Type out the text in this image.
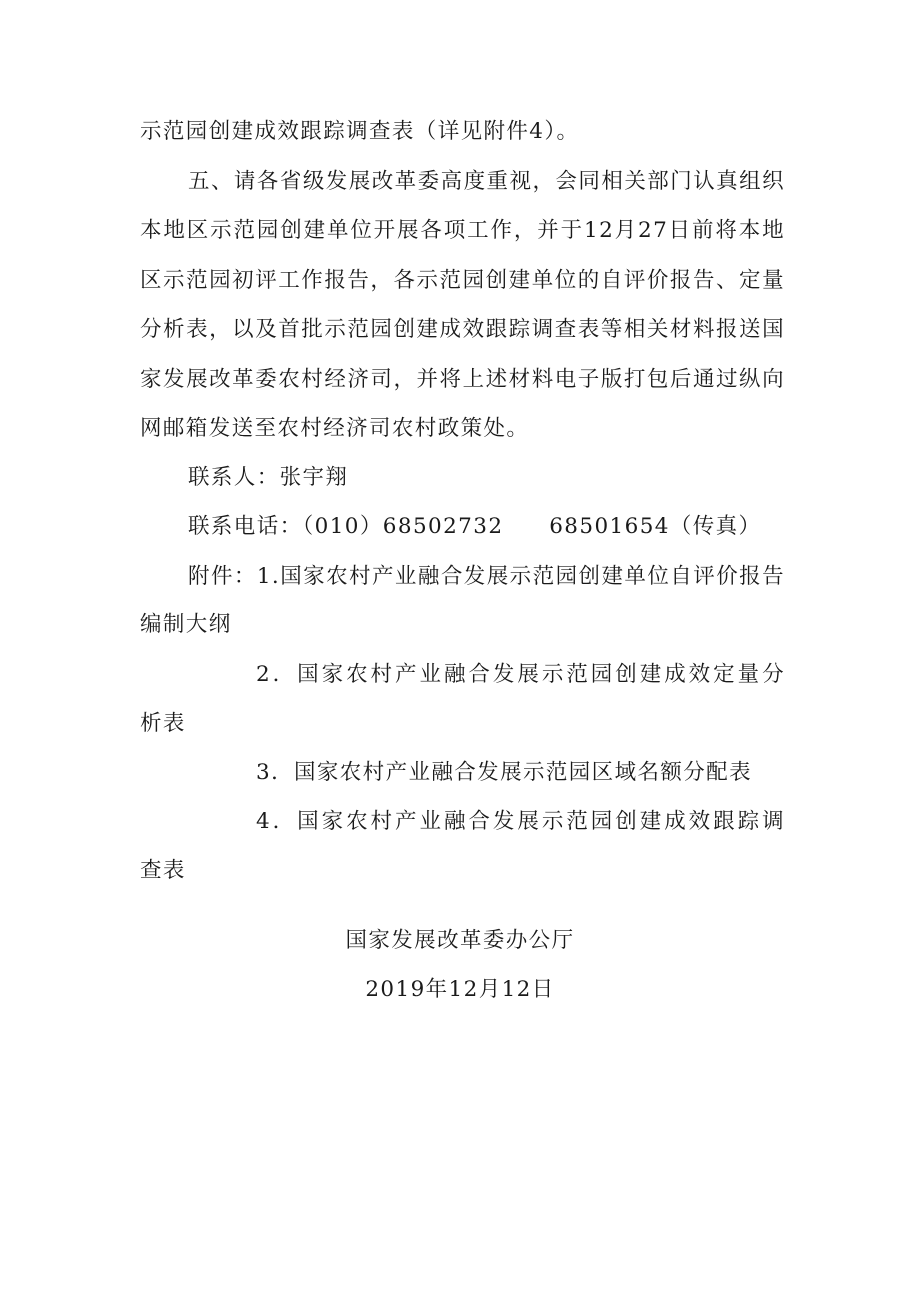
示范园创建成效跟踪调查表（详见附件4）。
五、请各省级发展改革委高度重视，会同相关部门认真组织
本地区示范园创建单位开展各项工作，并于12月27日前将本地
区示范园初评工作报告，各示范园创建单位的自评价报告、定量
分析表，以及首批示范园创建成效跟踪调查表等相关材料报送国
家发展改革委农村经济司，并将上述材料电子版打包后通过纵向
网邮箱发送至农村经济司农村政策处。
联系人：张宇翔
联系电话：（010）68502732　　68501654（传真）
附件：1.国家农村产业融合发展示范园创建单位自评价报告
编制大纲
2．国家农村产业融合发展示范园创建成效定量分
析表
3．国家农村产业融合发展示范园区域名额分配表
4．国家农村产业融合发展示范园创建成效跟踪调
查表
国家发展改革委办公厅
2019年12月12日
